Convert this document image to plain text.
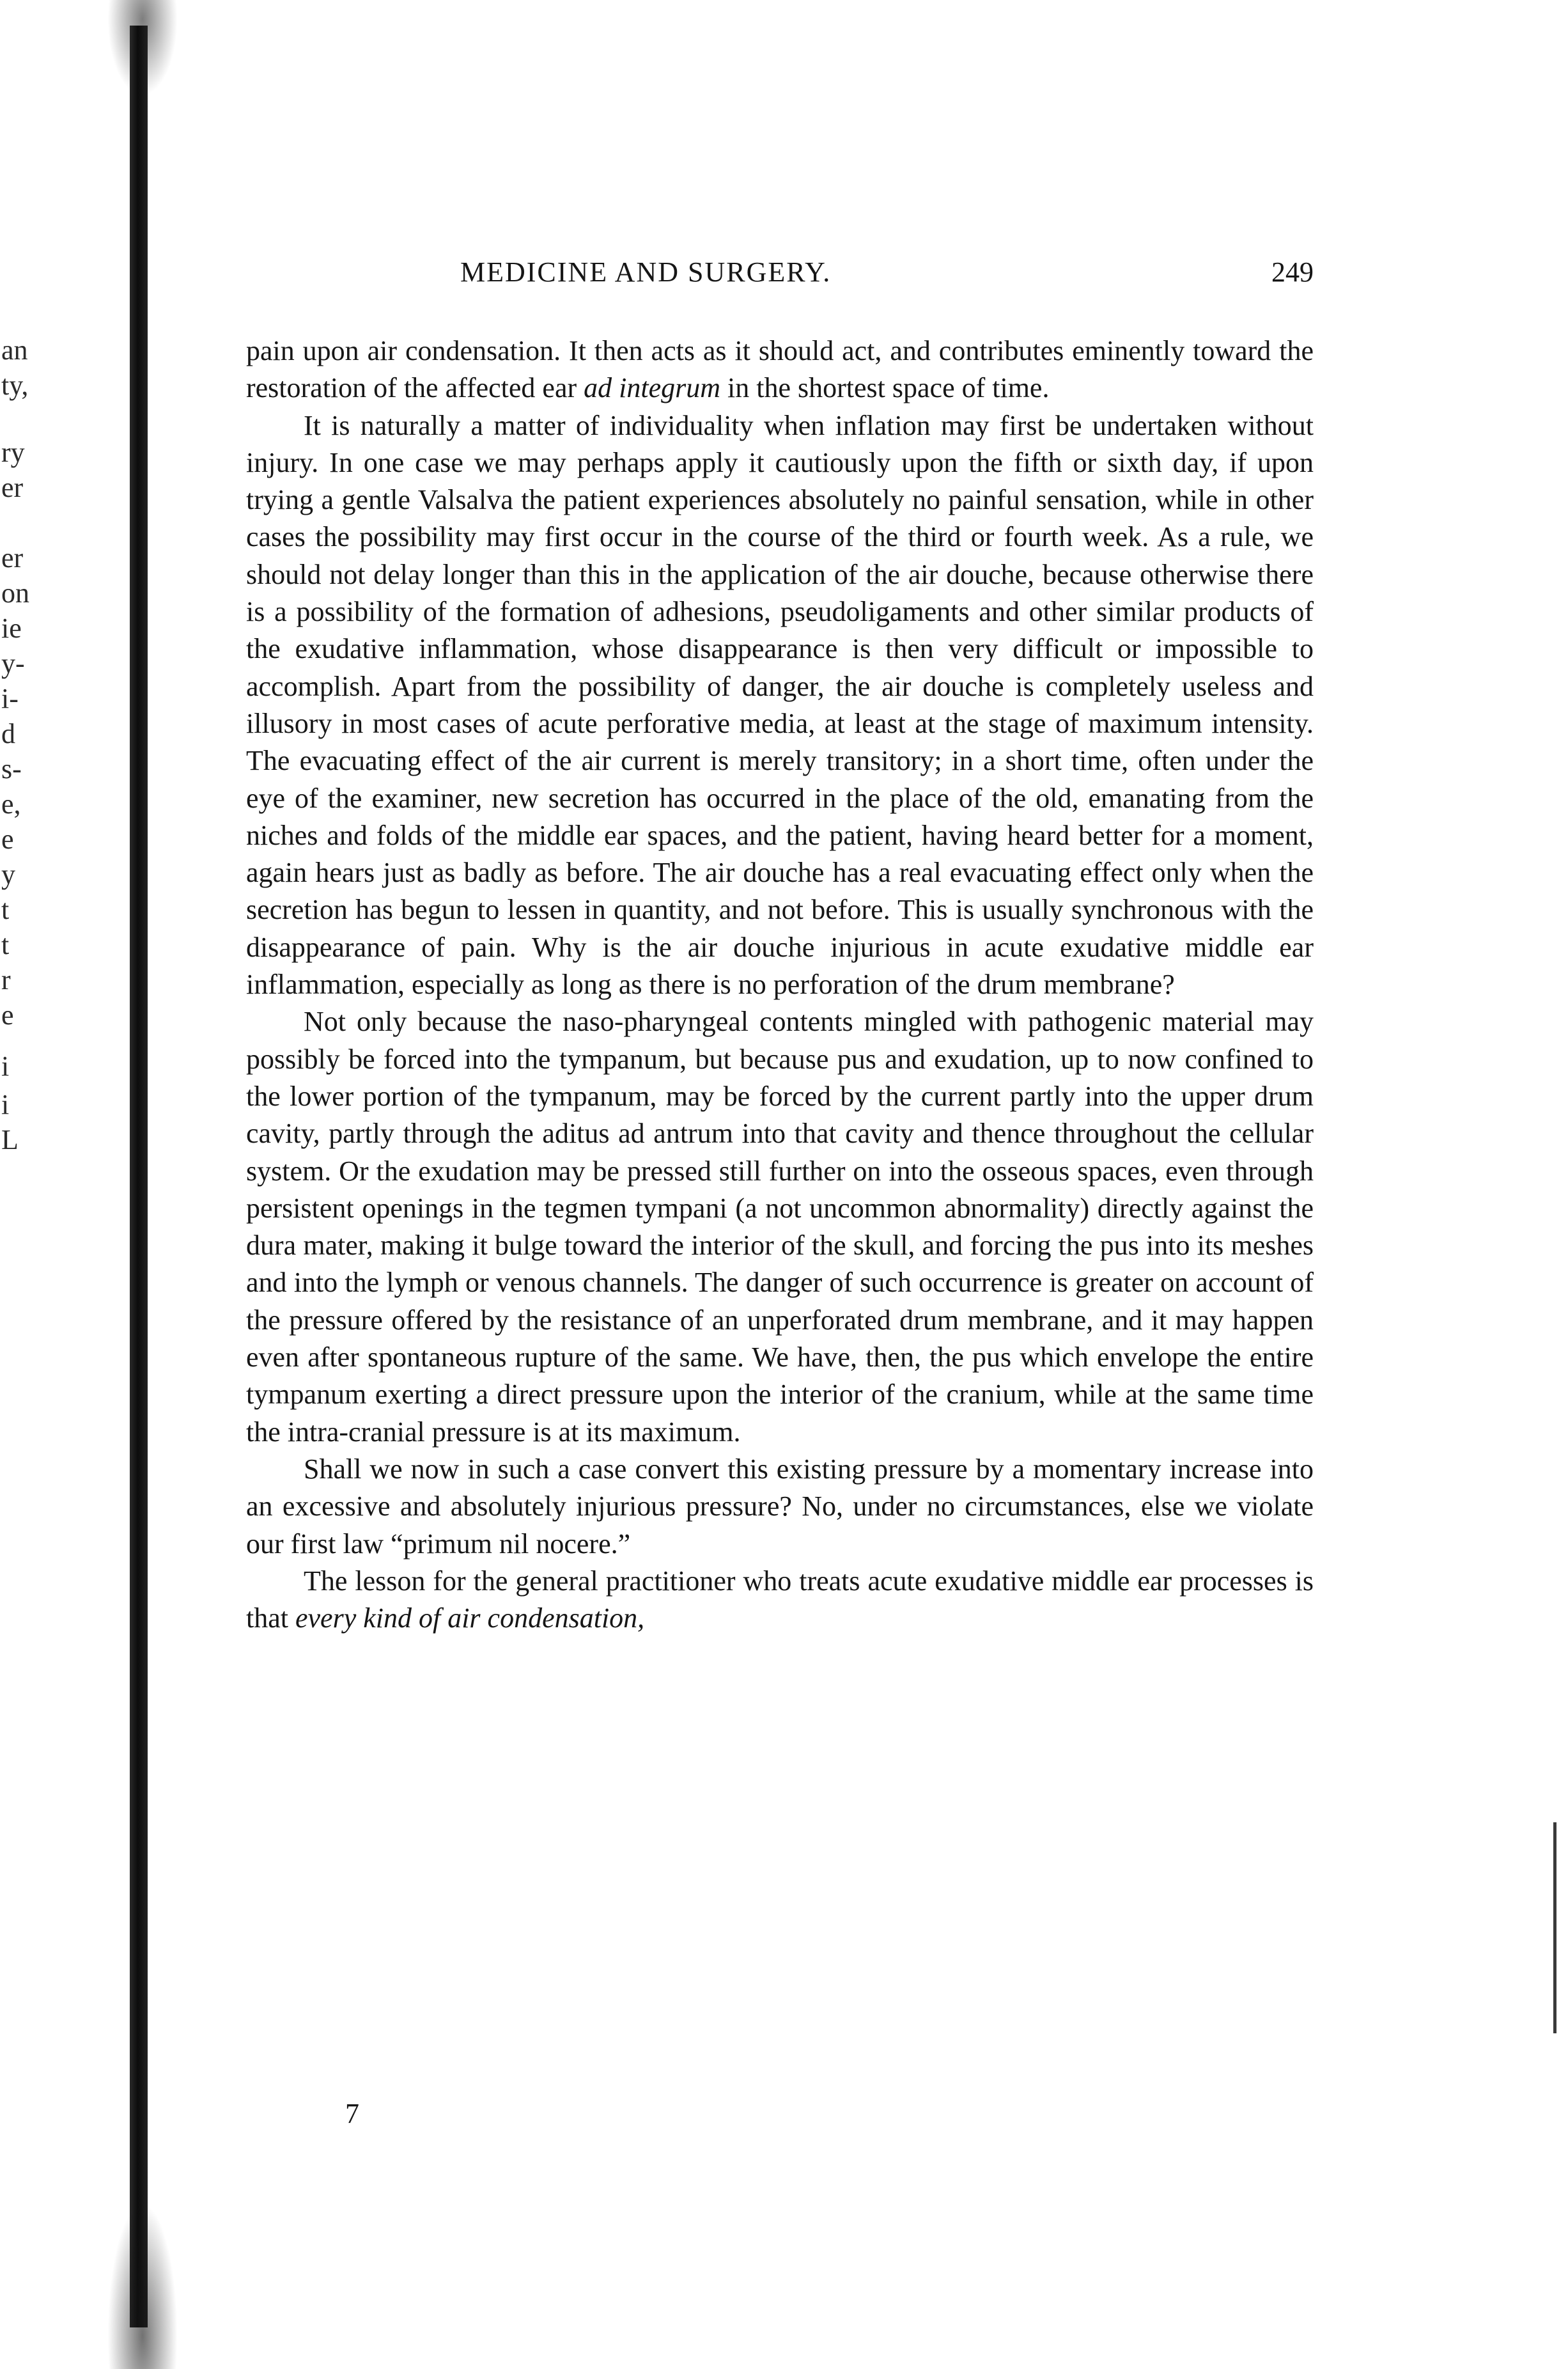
an
ty,
ry
er
er
on
ie
y-
i-
d
s-
e,
e
y
t
t
r
e
i
i
L
MEDICINE AND SURGERY.	249

pain upon air condensation. It then acts as it should act, and contributes eminently toward the restoration of the affected ear ad integrum in the shortest space of time.

It is naturally a matter of individuality when inflation may first be undertaken without injury. In one case we may perhaps apply it cautiously upon the fifth or sixth day, if upon trying a gentle Valsalva the patient experiences absolutely no painful sensation, while in other cases the possibility may first occur in the course of the third or fourth week. As a rule, we should not delay longer than this in the application of the air douche, because otherwise there is a possibility of the formation of adhesions, pseudoligaments and other similar products of the exudative inflammation, whose disappearance is then very difficult or impossible to accomplish. Apart from the possibility of danger, the air douche is completely useless and illusory in most cases of acute perforative media, at least at the stage of maximum intensity. The evacuating effect of the air current is merely transitory; in a short time, often under the eye of the examiner, new secretion has occurred in the place of the old, emanating from the niches and folds of the middle ear spaces, and the patient, having heard better for a moment, again hears just as badly as before. The air douche has a real evacuating effect only when the secretion has begun to lessen in quantity, and not before. This is usually synchronous with the disappearance of pain. Why is the air douche injurious in acute exudative middle ear inflammation, especially as long as there is no perforation of the drum membrane?

Not only because the naso-pharyngeal contents mingled with pathogenic material may possibly be forced into the tympanum, but because pus and exudation, up to now confined to the lower portion of the tympanum, may be forced by the current partly into the upper drum cavity, partly through the aditus ad antrum into that cavity and thence throughout the cellular system. Or the exudation may be pressed still further on into the osseous spaces, even through persistent openings in the tegmen tympani (a not uncommon abnormality) directly against the dura mater, making it bulge toward the interior of the skull, and forcing the pus into its meshes and into the lymph or venous channels. The danger of such occurrence is greater on account of the pressure offered by the resistance of an unperforated drum membrane, and it may happen even after spontaneous rupture of the same. We have, then, the pus which envelope the entire tympanum exerting a direct pressure upon the interior of the cranium, while at the same time the intra-cranial pressure is at its maximum.

Shall we now in such a case convert this existing pressure by a momentary increase into an excessive and absolutely injurious pressure? No, under no circumstances, else we violate our first law “primum nil nocere.”

The lesson for the general practitioner who treats acute exudative middle ear processes is that every kind of air condensation,

7
